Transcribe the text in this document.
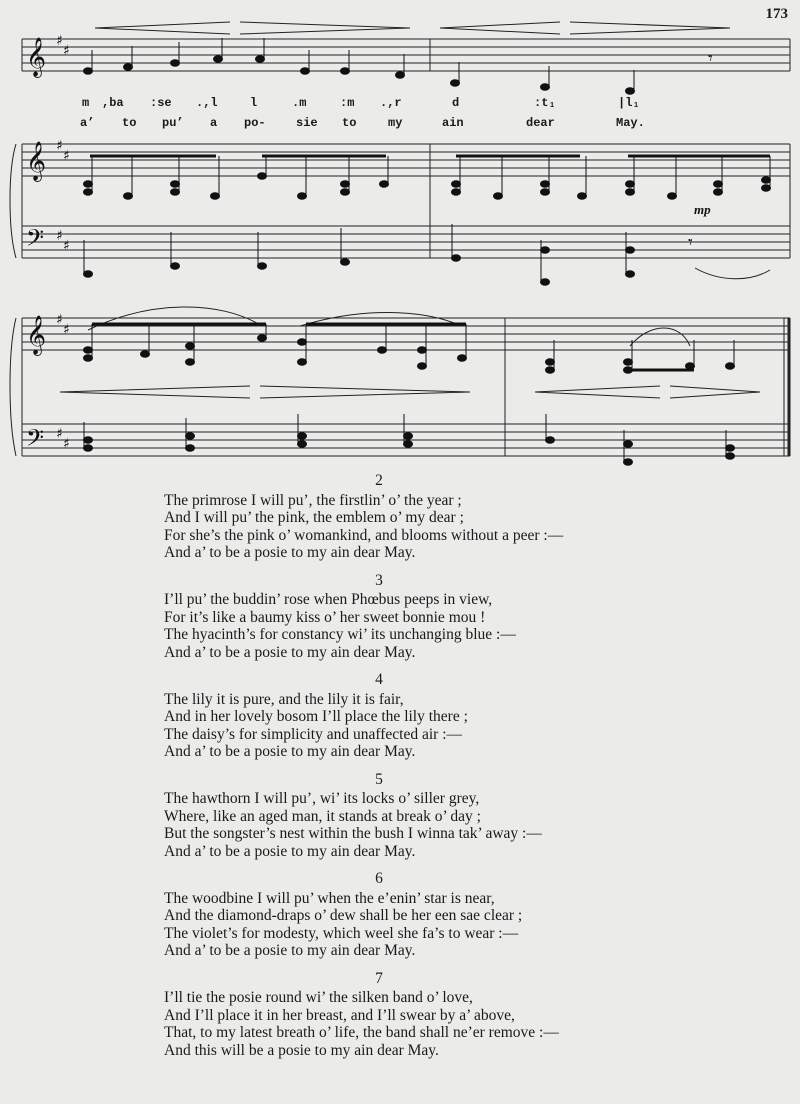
173
𝄞
𝄞
𝄢
𝄞
𝄢
♯
♯
♯
♯
♯
♯
♯
♯
♯
♯
𝄾
𝄾
mp
m ,ba :se .,l	l	.m	:m .,r	d	:t₁	|l₁
a’ to pu’ a po-	sie to	my	ain	dear	May.
2
The primrose I will pu’, the firstlin’ o’ the year ;
And I will pu’ the pink, the emblem o’ my dear ;
For she’s the pink o’ womankind, and blooms without a peer :—
And a’ to be a posie to my ain dear May.
3
I’ll pu’ the buddin’ rose when Phœbus peeps in view,
For it’s like a baumy kiss o’ her sweet bonnie mou !
The hyacinth’s for constancy wi’ its unchanging blue :—
And a’ to be a posie to my ain dear May.
4
The lily it is pure, and the lily it is fair,
And in her lovely bosom I’ll place the lily there ;
The daisy’s for simplicity and unaffected air :—
And a’ to be a posie to my ain dear May.
5
The hawthorn I will pu’, wi’ its locks o’ siller grey,
Where, like an aged man, it stands at break o’ day ;
But the songster’s nest within the bush I winna tak’ away :—
And a’ to be a posie to my ain dear May.
6
The woodbine I will pu’ when the e’enin’ star is near,
And the diamond-draps o’ dew shall be her een sae clear ;
The violet’s for modesty, which weel she fa’s to wear :—
And a’ to be a posie to my ain dear May.
7
I’ll tie the posie round wi’ the silken band o’ love,
And I’ll place it in her breast, and I’ll swear by a’ above,
That, to my latest breath o’ life, the band shall ne’er remove :—
And this will be a posie to my ain dear May.
